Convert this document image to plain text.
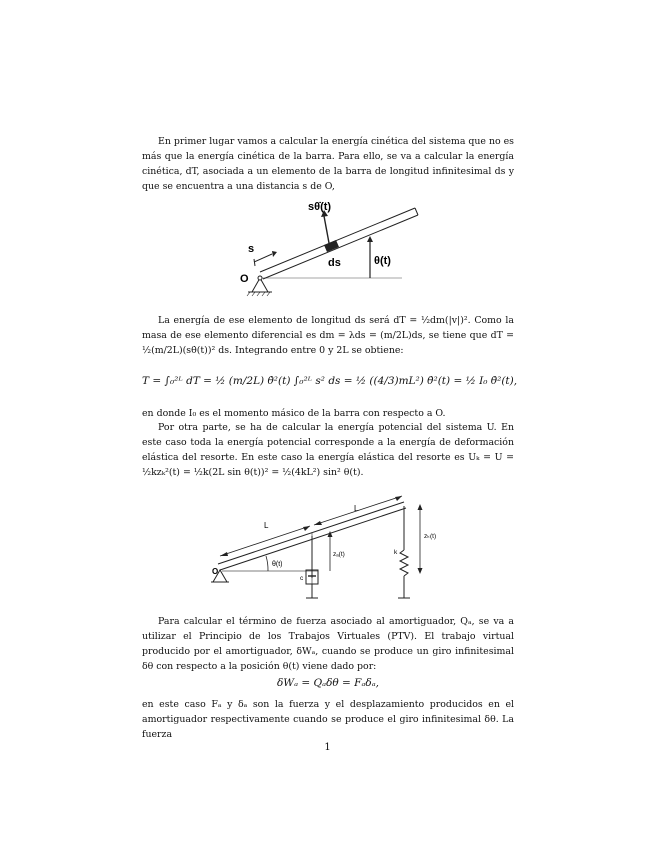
En primer lugar vamos a calcular la energía cinética del sistema que no es más que la energía cinética de la barra. Para ello, se va a calcular la energía cinética, dT, asociada a un elemento de la barra de longitud infinitesimal ds y que se encuentra a una distancia s de O,

sθ̇(t)
s
ds	θ(t)
O

La energía de ese elemento de longitud ds será dT = ½dm(|v|)². Como la masa de ese elemento diferencial es dm = λds = (m/2L)ds, se tiene que dT = ½(m/2L)(sθ̇(t))² ds. Integrando entre 0 y 2L se obtiene:

T = ∫₀²ᴸ dT = ½ (m/2L) θ̇²(t) ∫₀²ᴸ s² ds = ½ ((4/3)mL²) θ̇²(t) = ½ I₀ θ̇²(t),

en donde I₀ es el momento másico de la barra con respecto a O.

Por otra parte, se ha de calcular la energía potencial del sistema U. En este caso toda la energía potencial corresponde a la energía de deformación elástica del resorte. En este caso la energía elástica del resorte es Uₖ = U = ½kzₖ²(t) = ½k(2L sin θ(t))² = ½(4kL²) sin² θ(t).

L
L
O
θ(t)
zₐ(t)
zₖ(t)
c
k

Para calcular el término de fuerza asociado al amortiguador, Qₐ, se va a utilizar el Principio de los Trabajos Virtuales (PTV). El trabajo virtual producido por el amortiguador, δWₐ, cuando se produce un giro infinitesimal δθ con respecto a la posición θ(t) viene dado por:

δWₐ = Qₐδθ = Fₐδₐ,

en este caso Fₐ y δₐ son la fuerza y el desplazamiento producidos en el amortiguador respectivamente cuando se produce el giro infinitesimal δθ. La fuerza

1
